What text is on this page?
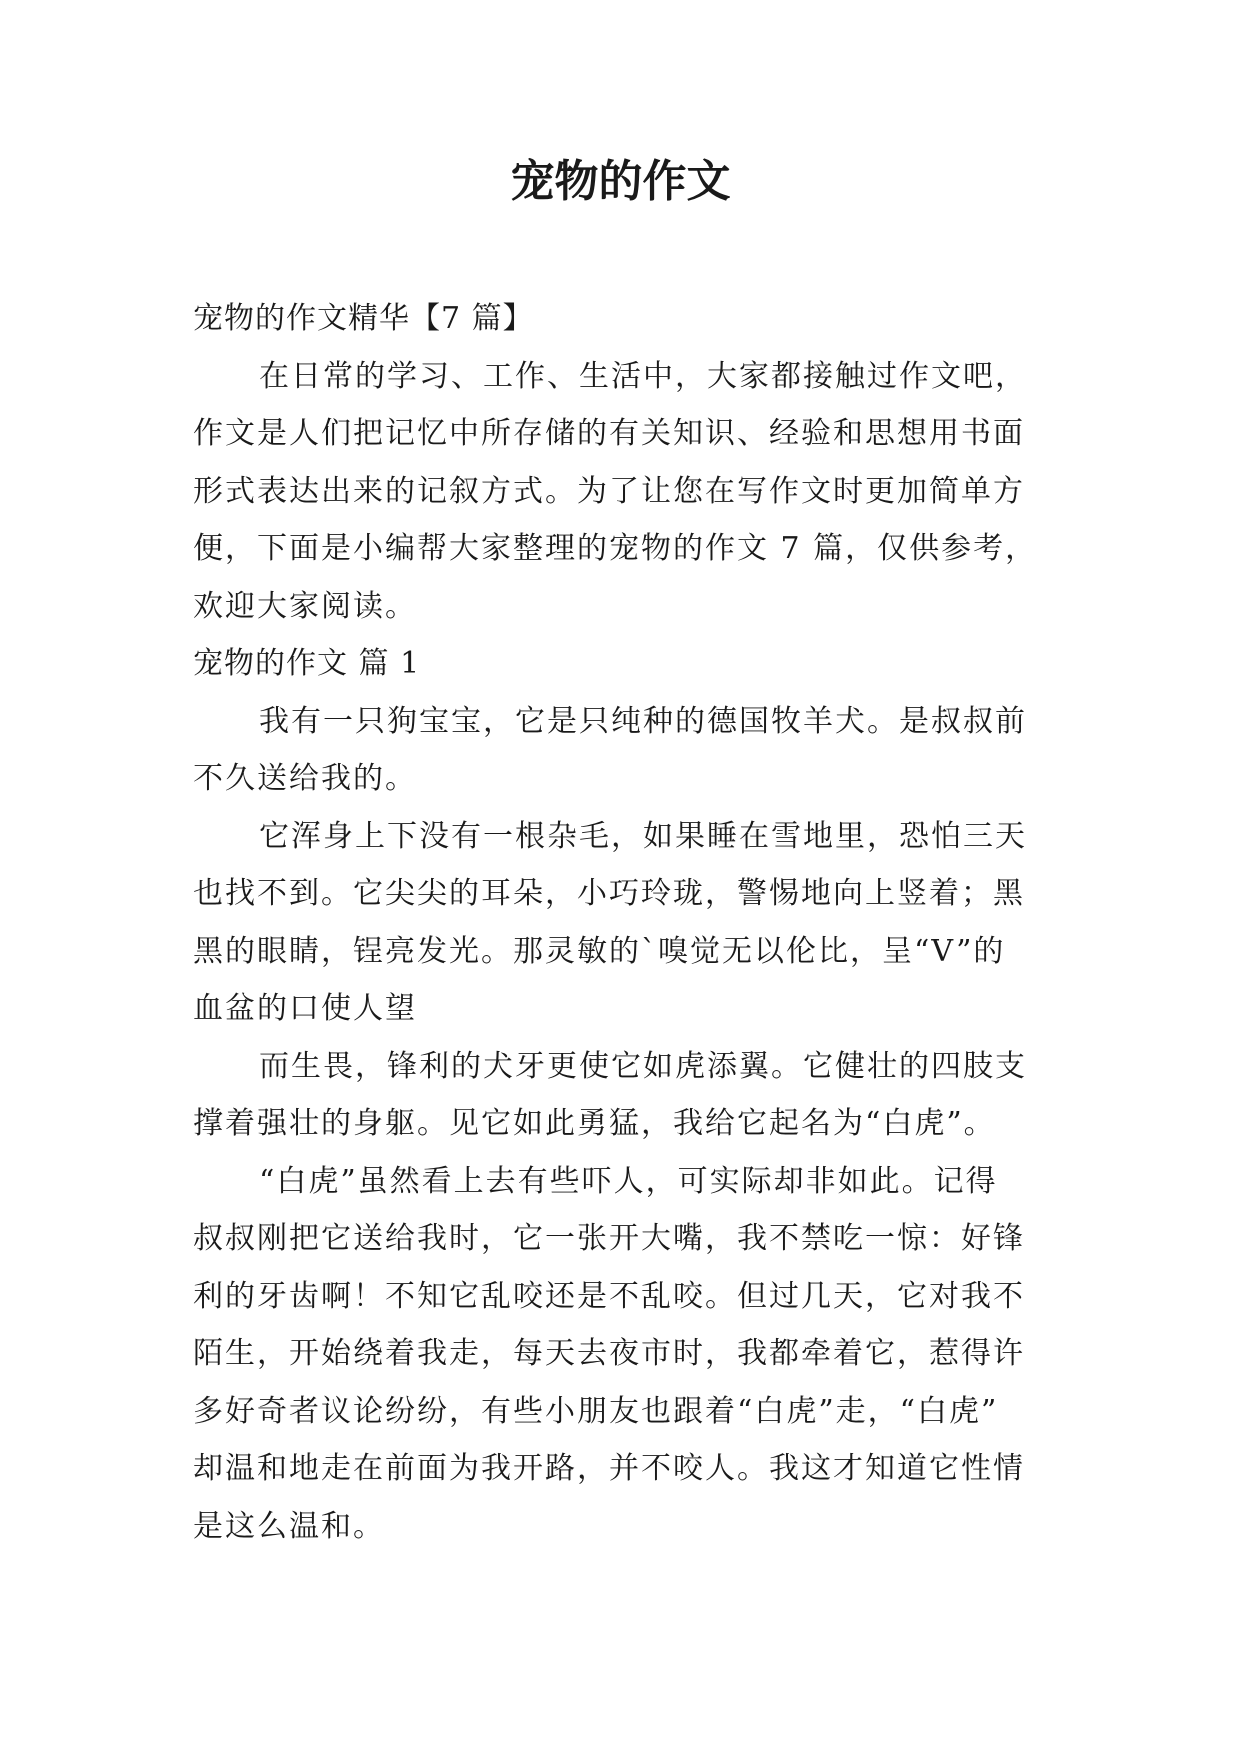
宠物的作文

宠物的作文精华【7 篇】

在日常的学习、工作、生活中，大家都接触过作文吧，

作文是人们把记忆中所存储的有关知识、经验和思想用书面

形式表达出来的记叙方式。为了让您在写作文时更加简单方

便，下面是小编帮大家整理的宠物的作文 7 篇，仅供参考，

欢迎大家阅读。

宠物的作文 篇 1

我有一只狗宝宝，它是只纯种的德国牧羊犬。是叔叔前

不久送给我的。

它浑身上下没有一根杂毛，如果睡在雪地里，恐怕三天

也找不到。它尖尖的耳朵，小巧玲珑，警惕地向上竖着；黑

黑的眼睛，锃亮发光。那灵敏的`嗅觉无以伦比，呈“V”的

血盆的口使人望

而生畏，锋利的犬牙更使它如虎添翼。它健壮的四肢支

撑着强壮的身躯。见它如此勇猛，我给它起名为“白虎”。

“白虎”虽然看上去有些吓人，可实际却非如此。记得

叔叔刚把它送给我时，它一张开大嘴，我不禁吃一惊：好锋

利的牙齿啊！不知它乱咬还是不乱咬。但过几天，它对我不

陌生，开始绕着我走，每天去夜市时，我都牵着它，惹得许

多好奇者议论纷纷，有些小朋友也跟着“白虎”走，“白虎”

却温和地走在前面为我开路，并不咬人。我这才知道它性情

是这么温和。
